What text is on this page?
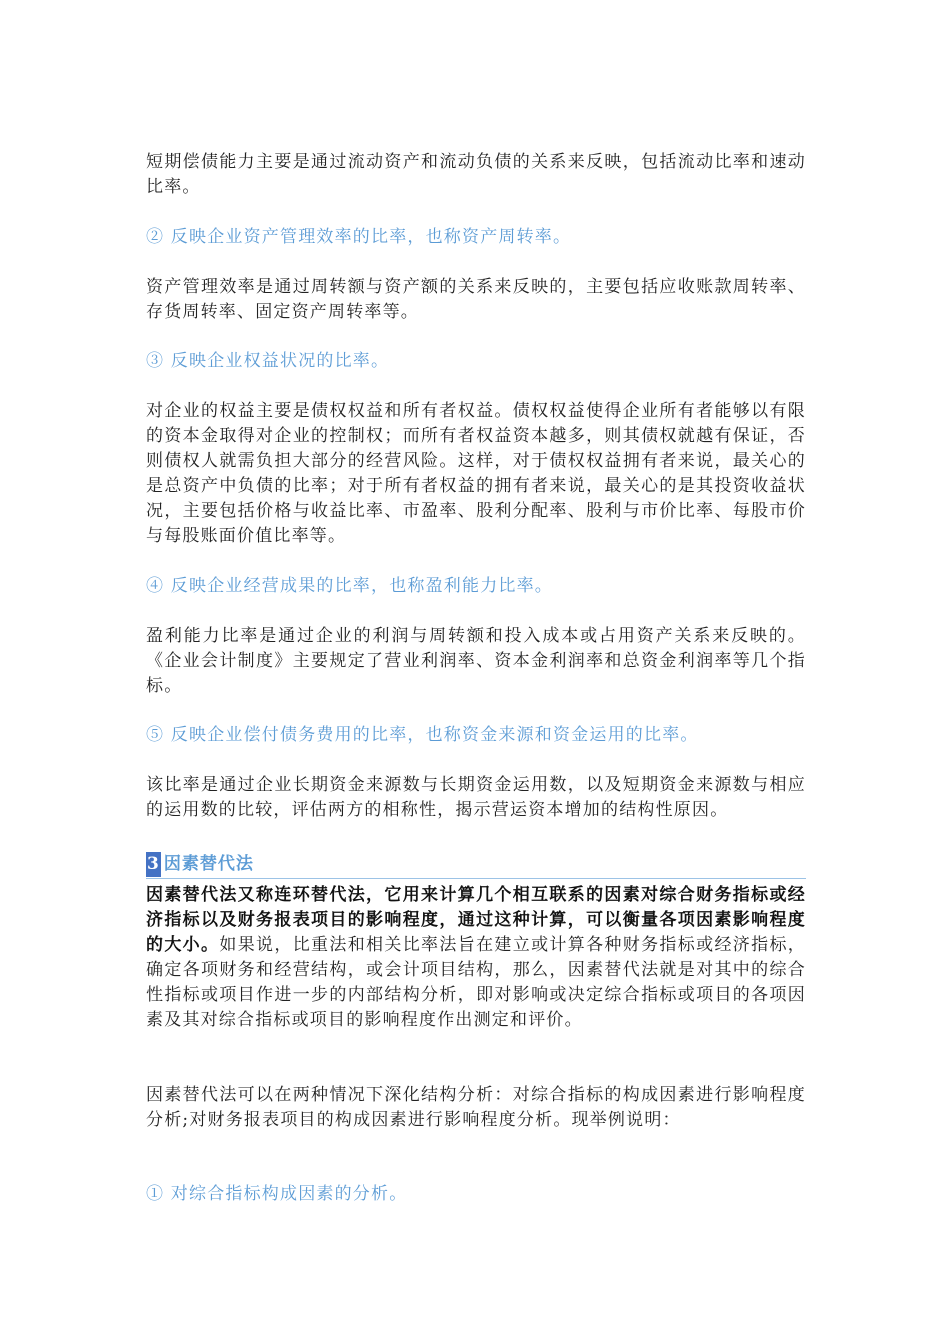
短期偿债能力主要是通过流动资产和流动负债的关系来反映，包括流动比率和速动比率。

② 反映企业资产管理效率的比率，也称资产周转率。

资产管理效率是通过周转额与资产额的关系来反映的，主要包括应收账款周转率、存货周转率、固定资产周转率等。

③ 反映企业权益状况的比率。

对企业的权益主要是债权权益和所有者权益。债权权益使得企业所有者能够以有限的资本金取得对企业的控制权；而所有者权益资本越多，则其债权就越有保证，否则债权人就需负担大部分的经营风险。这样，对于债权权益拥有者来说，最关心的是总资产中负债的比率；对于所有者权益的拥有者来说，最关心的是其投资收益状况，主要包括价格与收益比率、市盈率、股利分配率、股利与市价比率、每股市价与每股账面价值比率等。

④ 反映企业经营成果的比率，也称盈利能力比率。

盈利能力比率是通过企业的利润与周转额和投入成本或占用资产关系来反映的。《企业会计制度》主要规定了营业利润率、资本金利润率和总资金利润率等几个指标。

⑤ 反映企业偿付债务费用的比率，也称资金来源和资金运用的比率。

该比率是通过企业长期资金来源数与长期资金运用数，以及短期资金来源数与相应的运用数的比较，评估两方的相称性，揭示营运资本增加的结构性原因。

3 因素替代法

因素替代法又称连环替代法，它用来计算几个相互联系的因素对综合财务指标或经济指标以及财务报表项目的影响程度，通过这种计算，可以衡量各项因素影响程度的大小。如果说，比重法和相关比率法旨在建立或计算各种财务指标或经济指标，确定各项财务和经营结构，或会计项目结构，那么，因素替代法就是对其中的综合性指标或项目作进一步的内部结构分析，即对影响或决定综合指标或项目的各项因素及其对综合指标或项目的影响程度作出测定和评价。

因素替代法可以在两种情况下深化结构分析：对综合指标的构成因素进行影响程度分析;对财务报表项目的构成因素进行影响程度分析。现举例说明：

① 对综合指标构成因素的分析。
